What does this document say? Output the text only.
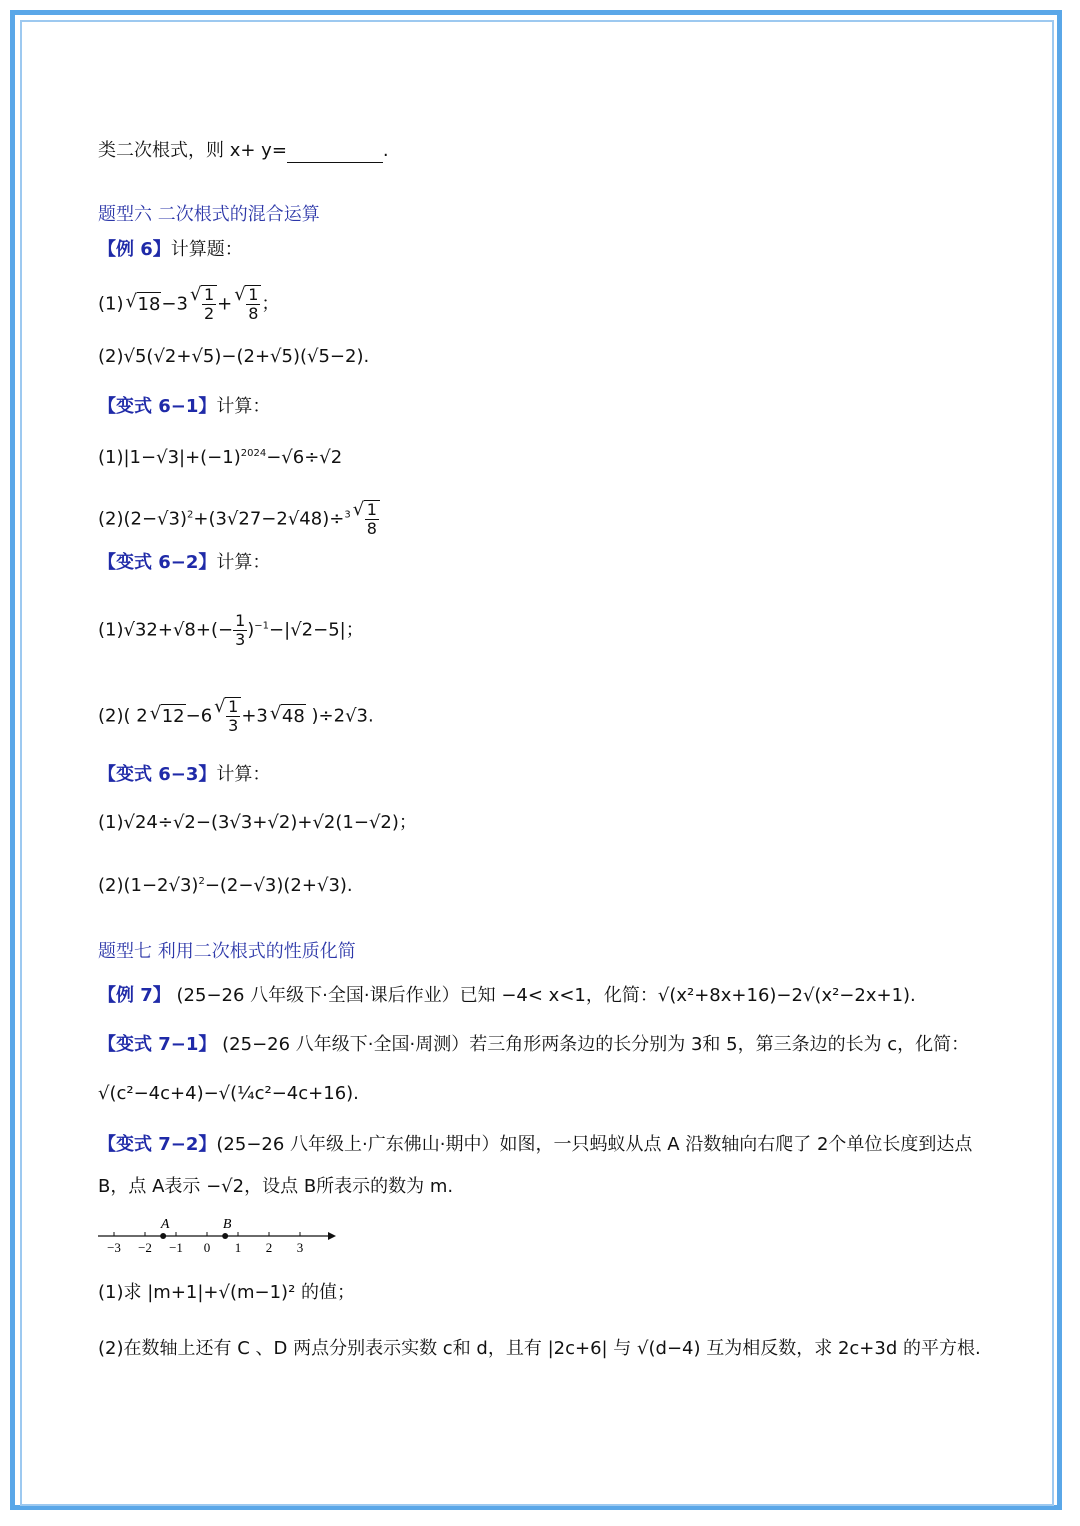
类二次根式，则 x+ y=	.
题型六 二次根式的混合运算
【例 6】计算题：
(1)√ 18−3
√ $\frac{1}{2}$ +
√ $\frac{1}{8}$ ；
(2)√5(√2+√5)−(2+√5)(√5−2).
【变式 6−1】计算：
$(1)|1-√3|+(-1)^{2024}-√6\div√2$
$(2)(2-√3)^2+(3√27-2√48)\div^3$
√ $\frac{1}{8}$
【变式 6−2】计算：
$(1)√32+√8+(- \frac{1}{3} )^{-1}-|√2-5|$；
(2)( 2√ 12−6
√ $\frac{1}{3} +3√$ 48 )÷2√3.
【变式 6−3】计算：
(1)√24÷√2−(3√3+√2)+√2(1−√2)；
$(2)(1-2√3)^2-(2-√3)(2+√3)$.
题型七 利用二次根式的性质化简
【例 7】 (25−26 八年级下·全国·课后作业）已知 −4< x<1，化简：√(x²+8x+16)−2√(x²−2x+1).
【变式 7−1】 (25−26 八年级下·全国·周测）若三角形两条边的长分别为 3和 5，第三条边的长为 c，化简：
√(c²−4c+4)−√(¼c²−4c+16).
【变式 7−2】(25−26 八年级上·广东佛山·期中）如图，一只蚂蚁从点 A 沿数轴向右爬了 2个单位长度到达点
B，点 A表示 −√2，设点 B所表示的数为 m.
−3 −2 −1 0 1 2 3
A	B
(1)求 |m+1|+√(m−1)² 的值；
(2)在数轴上还有 C 、D 两点分别表示实数 c和 d，且有 |2c+6| 与 √(d−4) 互为相反数，求 2c+3d 的平方根.
